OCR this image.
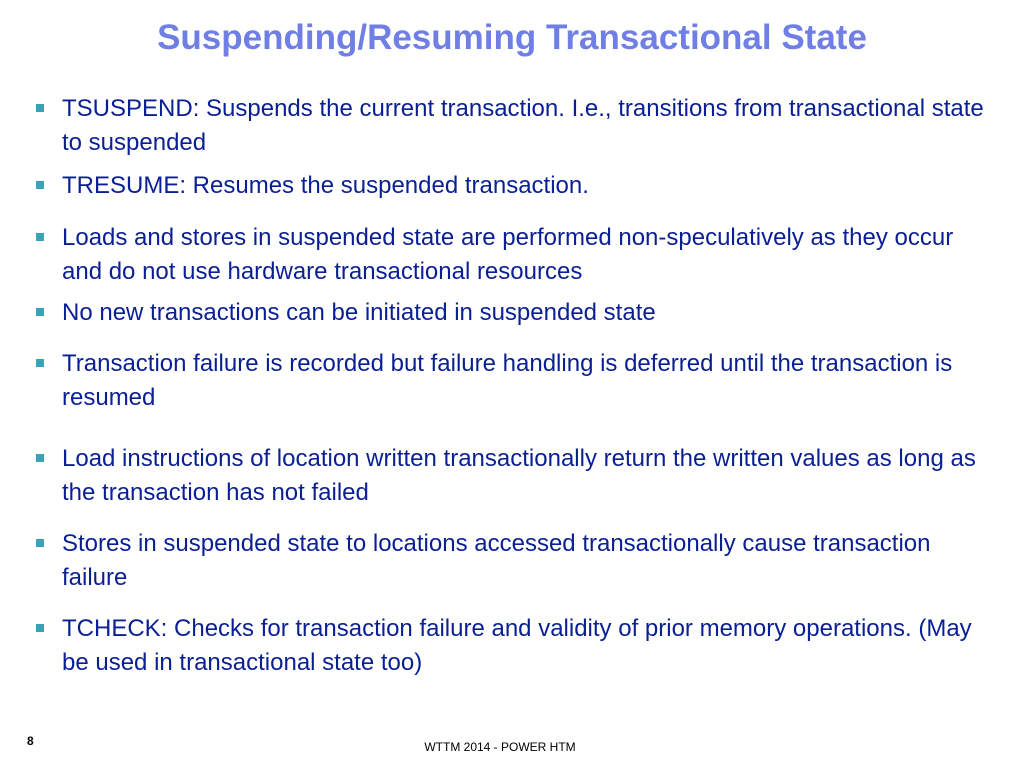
Suspending/Resuming Transactional State
TSUSPEND: Suspends the current transaction. I.e., transitions from transactional state to suspended
TRESUME: Resumes the suspended transaction.
Loads and stores in suspended state are performed non-speculatively as they occur and do not use hardware transactional resources
No new transactions can be initiated in suspended state
Transaction failure is recorded but failure handling is deferred until the transaction is resumed
Load instructions of location written transactionally return the written values as long as the transaction has not failed
Stores in suspended state to locations accessed transactionally cause transaction failure
TCHECK: Checks for transaction failure and validity of prior memory operations. (May be used in transactional state too)
8	WTTM 2014 - POWER HTM
